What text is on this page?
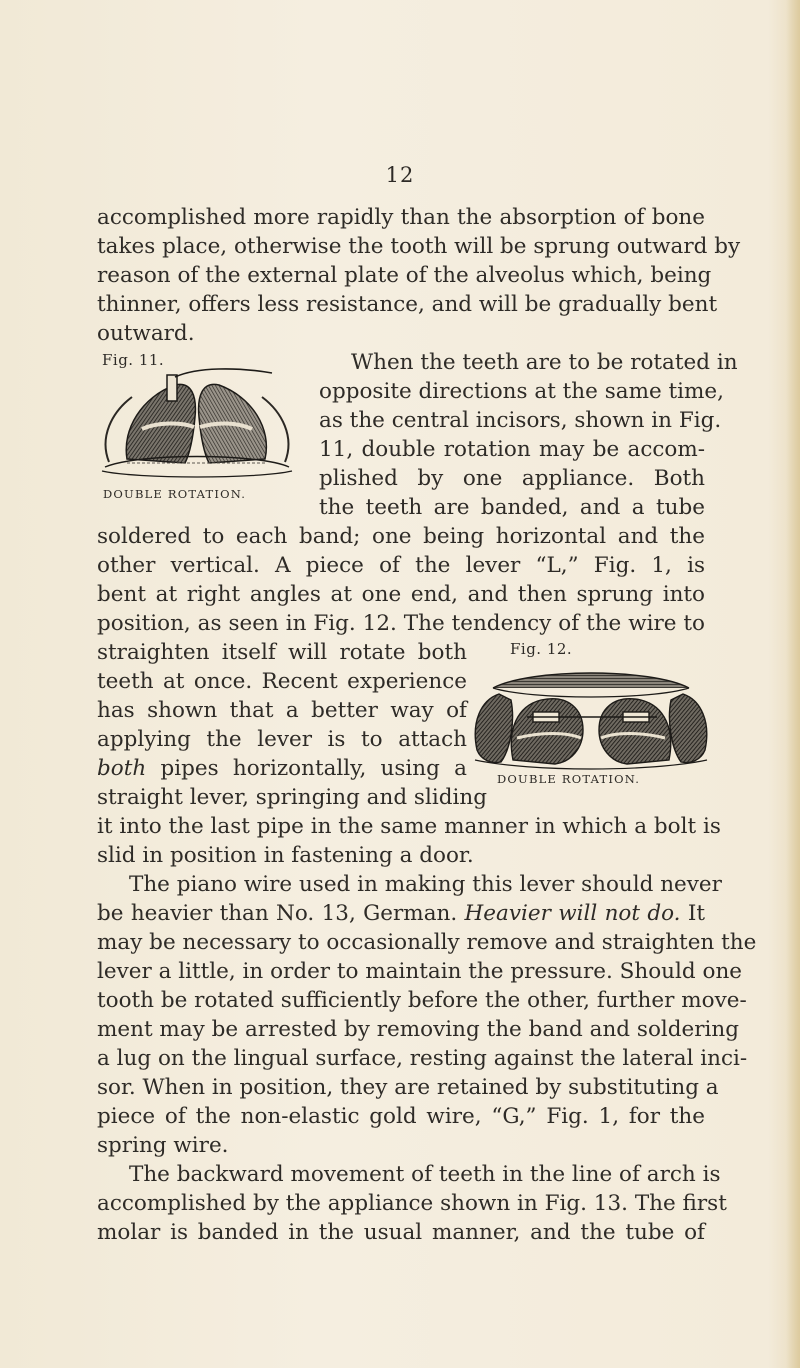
12
accomplished more rapidly than the absorption of bone
takes place, otherwise the tooth will be sprung outward by
reason of the external plate of the alveolus which, being
thinner, offers less resistance, and will be gradually bent
outward.
Fig. 11.
DOUBLE ROTATION.
When the teeth are to be rotated in
opposite directions at the same time,
as the central incisors, shown in Fig.
11, double rotation may be accom-
plished by one appliance. Both
the teeth are banded, and a tube
soldered to each band; one being horizontal and the
other vertical. A piece of the lever “L,” Fig. 1, is
bent at right angles at one end, and then sprung into
position, as seen in Fig. 12. The tendency of the wire to
Fig. 12.
DOUBLE ROTATION.
straighten itself will rotate both
teeth at once. Recent experience
has shown that a better way of
applying the lever is to attach
both pipes horizontally, using a
straight lever, springing and sliding
it into the last pipe in the same manner in which a bolt is
slid in position in fastening a door.
The piano wire used in making this lever should never
be heavier than No. 13, German. Heavier will not do. It
may be necessary to occasionally remove and straighten the
lever a little, in order to maintain the pressure. Should one
tooth be rotated sufficiently before the other, further move-
ment may be arrested by removing the band and soldering
a lug on the lingual surface, resting against the lateral inci-
sor. When in position, they are retained by substituting a
piece of the non-elastic gold wire, “G,” Fig. 1, for the
spring wire.
The backward movement of teeth in the line of arch is
accomplished by the appliance shown in Fig. 13. The first
molar is banded in the usual manner, and the tube of
